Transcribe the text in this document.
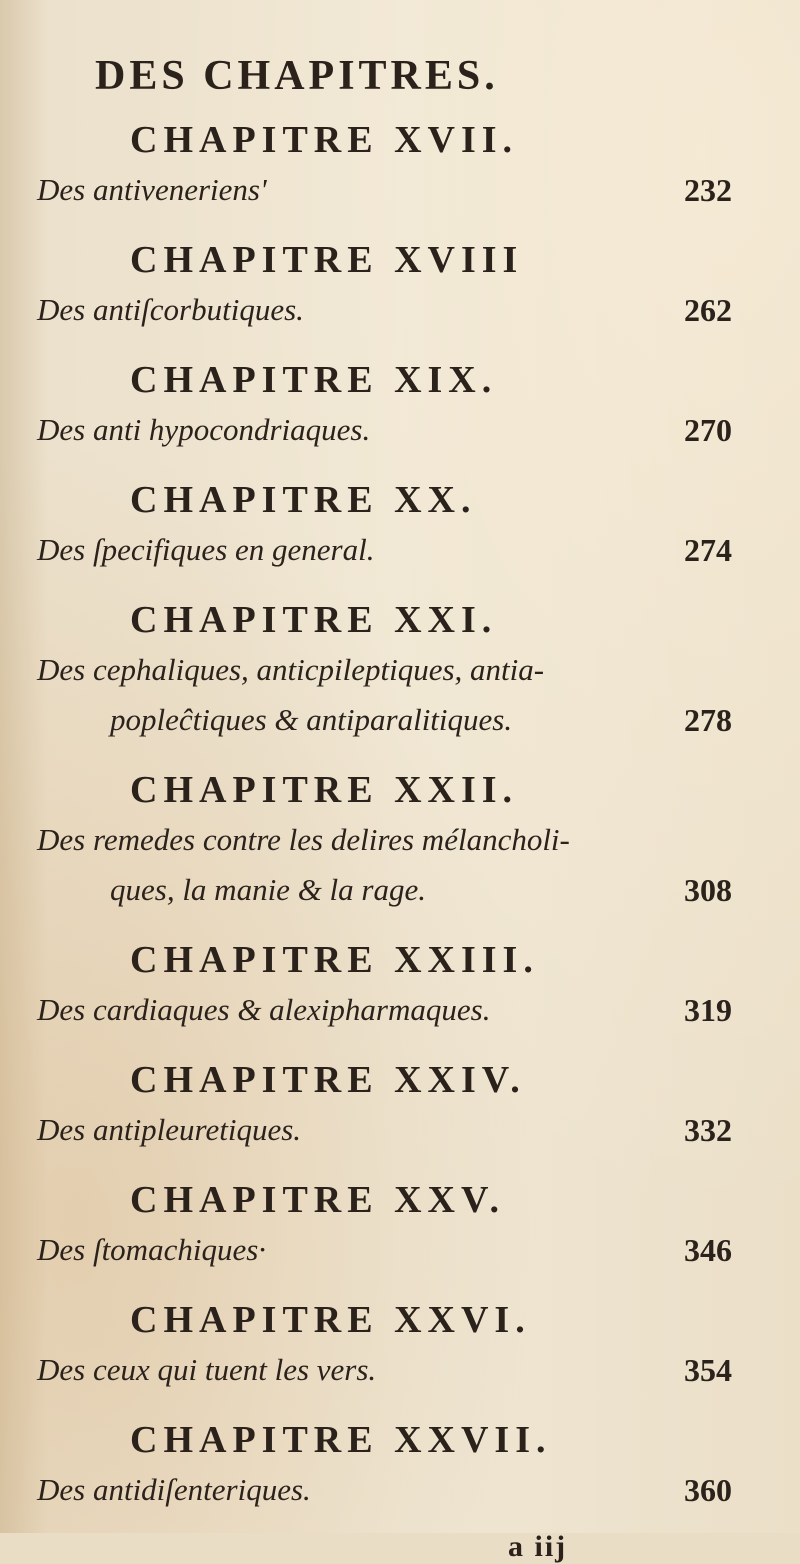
DES CHAPITRES.
CHAPITRE XVII.
Des antiveneriens'	232
CHAPITRE XVIII
Des antiſcorbutiques.	262
CHAPITRE XIX.
Des anti hypocondriaques.	270
CHAPITRE XX.
Des ſpecifiques en general.	274
CHAPITRE XXI.
Des cephaliques, anticpileptiques, antia-
popleĉtiques & antiparalitiques.	278
CHAPITRE XXII.
Des remedes contre les delires mélancholi-
ques, la manie & la rage.	308
CHAPITRE XXIII.
Des cardiaques & alexipharmaques.	319
CHAPITRE XXIV.
Des antipleuretiques.	332
CHAPITRE XXV.
Des ſtomachiques·	346
CHAPITRE XXVI.
Des ceux qui tuent les vers.	354
CHAPITRE XXVII.
Des antidiſenteriques.	360
a iij
